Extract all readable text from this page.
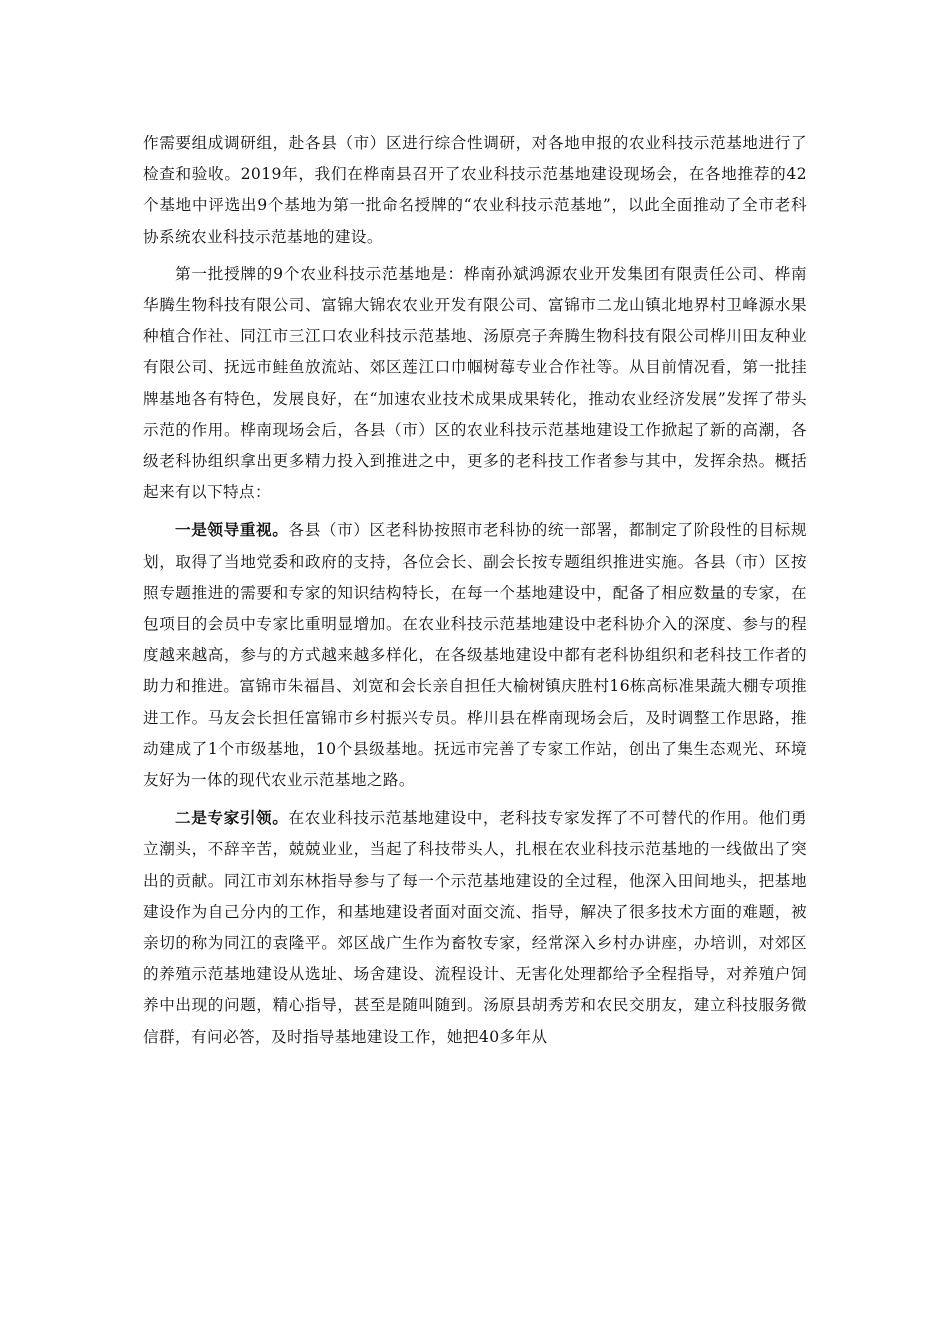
作需要组成调研组，赴各县（市）区进行综合性调研，对各地申报的农业科技示范基地进行了检查和验收。2019年，我们在桦南县召开了农业科技示范基地建设现场会，在各地推荐的42个基地中评选出9个基地为第一批命名授牌的“农业科技示范基地”，以此全面推动了全市老科协系统农业科技示范基地的建设。

第一批授牌的9个农业科技示范基地是：桦南孙斌鸿源农业开发集团有限责任公司、桦南华腾生物科技有限公司、富锦大锦农农业开发有限公司、富锦市二龙山镇北地界村卫峰源水果种植合作社、同江市三江口农业科技示范基地、汤原亮子奔腾生物科技有限公司桦川田友种业有限公司、抚远市鲑鱼放流站、郊区莲江口巾帼树莓专业合作社等。从目前情况看，第一批挂牌基地各有特色，发展良好，在“加速农业技术成果成果转化，推动农业经济发展”发挥了带头示范的作用。桦南现场会后，各县（市）区的农业科技示范基地建设工作掀起了新的高潮，各级老科协组织拿出更多精力投入到推进之中，更多的老科技工作者参与其中，发挥余热。概括起来有以下特点：

一是领导重视。各县（市）区老科协按照市老科协的统一部署，都制定了阶段性的目标规划，取得了当地党委和政府的支持，各位会长、副会长按专题组织推进实施。各县（市）区按照专题推进的需要和专家的知识结构特长，在每一个基地建设中，配备了相应数量的专家，在包项目的会员中专家比重明显增加。在农业科技示范基地建设中老科协介入的深度、参与的程度越来越高，参与的方式越来越多样化，在各级基地建设中都有老科协组织和老科技工作者的助力和推进。富锦市朱福昌、刘宽和会长亲自担任大榆树镇庆胜村16栋高标准果蔬大棚专项推进工作。马友会长担任富锦市乡村振兴专员。桦川县在桦南现场会后，及时调整工作思路，推动建成了1个市级基地，10个县级基地。抚远市完善了专家工作站，创出了集生态观光、环境友好为一体的现代农业示范基地之路。

二是专家引领。在农业科技示范基地建设中，老科技专家发挥了不可替代的作用。他们勇立潮头，不辞辛苦，兢兢业业，当起了科技带头人，扎根在农业科技示范基地的一线做出了突出的贡献。同江市刘东林指导参与了每一个示范基地建设的全过程，他深入田间地头，把基地建设作为自己分内的工作，和基地建设者面对面交流、指导，解决了很多技术方面的难题，被亲切的称为同江的袁隆平。郊区战广生作为畜牧专家，经常深入乡村办讲座，办培训，对郊区的养殖示范基地建设从选址、场舍建设、流程设计、无害化处理都给予全程指导，对养殖户饲养中出现的问题，精心指导，甚至是随叫随到。汤原县胡秀芳和农民交朋友，建立科技服务微信群，有问必答，及时指导基地建设工作，她把40多年从
